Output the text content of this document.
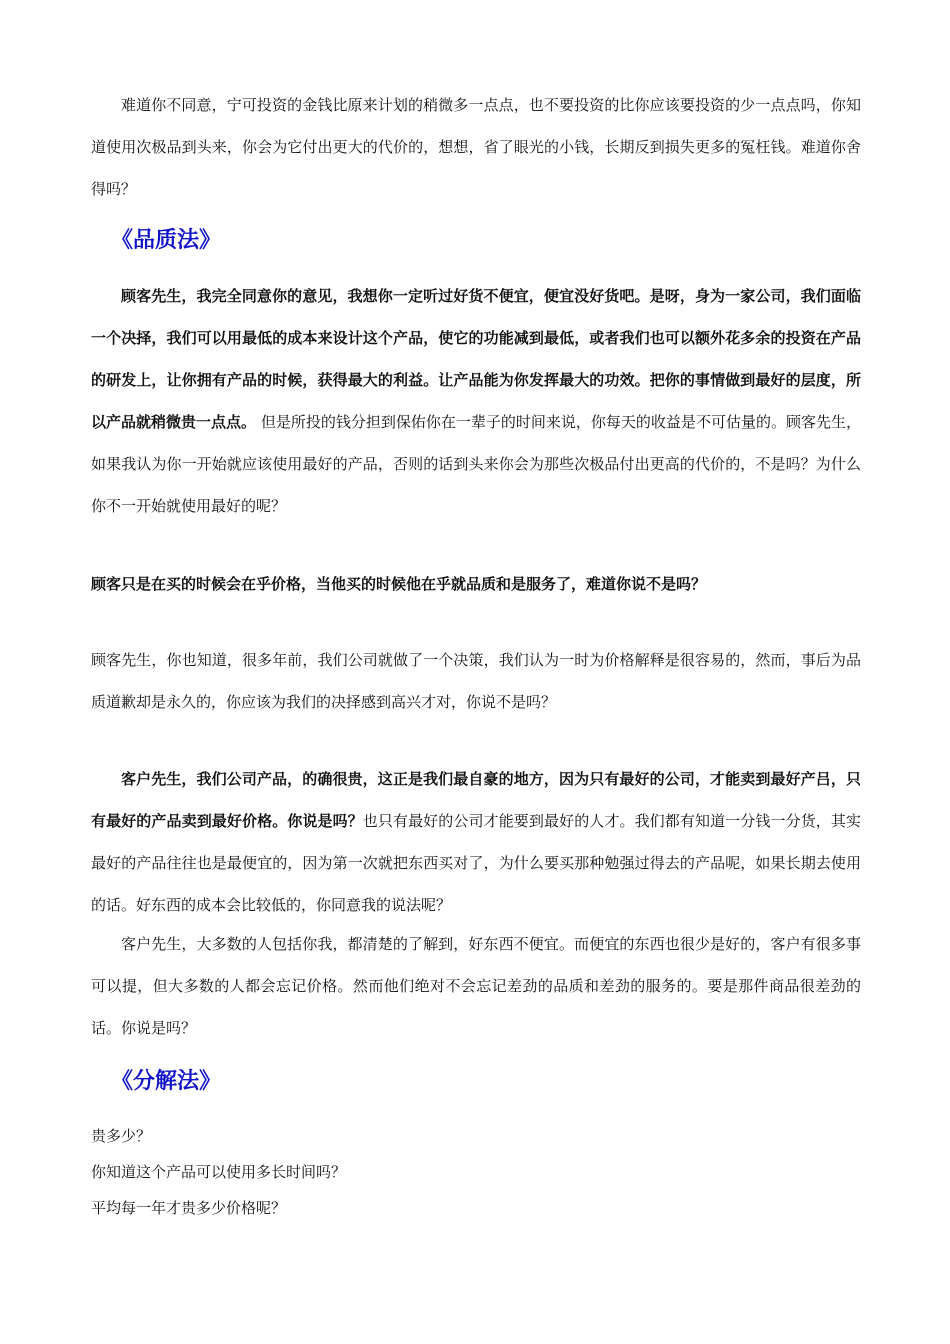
难道你不同意，宁可投资的金钱比原来计划的稍微多一点点，也不要投资的比你应该要投资的少一点点吗，你知道使用次极品到头来，你会为它付出更大的代价的，想想，省了眼光的小钱，长期反到损失更多的冤枉钱。难道你舍得吗？

《品质法》

顾客先生，我完全同意你的意见，我想你一定听过好货不便宜，便宜没好货吧。是呀，身为一家公司，我们面临一个决择，我们可以用最低的成本来设计这个产品，使它的功能减到最低，或者我们也可以额外花多余的投资在产品的研发上，让你拥有产品的时候，获得最大的利益。让产品能为你发挥最大的功效。把你的事情做到最好的层度，所以产品就稍微贵一点点。 但是所投的钱分担到保佑你在一辈子的时间来说，你每天的收益是不可估量的。顾客先生，如果我认为你一开始就应该使用最好的产品，否则的话到头来你会为那些次极品付出更高的代价的，不是吗？为什么你不一开始就使用最好的呢？

顾客只是在买的时候会在乎价格，当他买的时候他在乎就品质和是服务了，难道你说不是吗？

顾客先生，你也知道，很多年前，我们公司就做了一个决策，我们认为一时为价格解释是很容易的，然而，事后为品质道歉却是永久的，你应该为我们的决择感到高兴才对，你说不是吗？

客户先生，我们公司产品，的确很贵，这正是我们最自豪的地方，因为只有最好的公司，才能卖到最好产吕，只有最好的产品卖到最好价格。你说是吗？也只有最好的公司才能要到最好的人才。我们都有知道一分钱一分货，其实最好的产品往往也是最便宜的，因为第一次就把东西买对了，为什么要买那种勉强过得去的产品呢，如果长期去使用的话。好东西的成本会比较低的，你同意我的说法呢？

客户先生，大多数的人包括你我，都清楚的了解到，好东西不便宜。而便宜的东西也很少是好的，客户有很多事可以提，但大多数的人都会忘记价格。然而他们绝对不会忘记差劲的品质和差劲的服务的。要是那件商品很差劲的话。你说是吗？

《分解法》

贵多少？

你知道这个产品可以使用多长时间吗？

平均每一年才贵多少价格呢？
